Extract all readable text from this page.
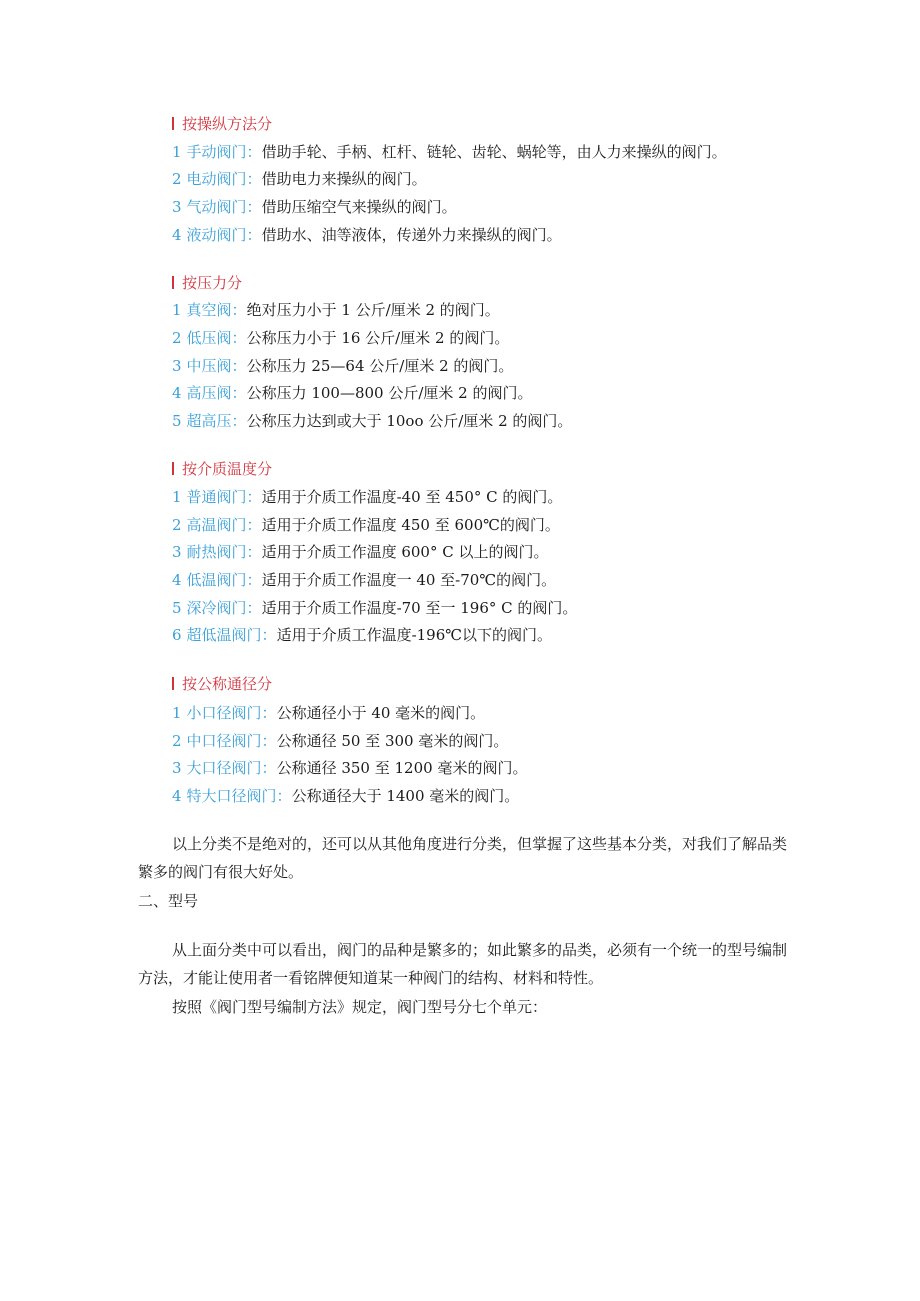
按操纵方法分
1 手动阀门：借助手轮、手柄、杠杆、链轮、齿轮、蜗轮等，由人力来操纵的阀门。
2 电动阀门：借助电力来操纵的阀门。
3 气动阀门：借助压缩空气来操纵的阀门。
4 液动阀门：借助水、油等液体，传递外力来操纵的阀门。
按压力分
1 真空阀：绝对压力小于 1 公斤/厘米 2 的阀门。
2 低压阀：公称压力小于 16 公斤/厘米 2 的阀门。
3 中压阀：公称压力 25—64 公斤/厘米 2 的阀门。
4 高压阀：公称压力 100—800 公斤/厘米 2 的阀门。
5 超高压：公称压力达到或大于 10oo 公斤/厘米 2 的阀门。
按介质温度分
1 普通阀门：适用于介质工作温度-40 至 450° C 的阀门。
2 高温阀门：适用于介质工作温度 450 至 600℃的阀门。
3 耐热阀门：适用于介质工作温度 600° C 以上的阀门。
4 低温阀门：适用于介质工作温度一 40 至-70℃的阀门。
5 深冷阀门：适用于介质工作温度-70 至一 196° C 的阀门。
6 超低温阀门：适用于介质工作温度-196℃以下的阀门。
按公称通径分
1 小口径阀门：公称通径小于 40 毫米的阀门。
2 中口径阀门：公称通径 50 至 300 毫米的阀门。
3 大口径阀门：公称通径 350 至 1200 毫米的阀门。
4 特大口径阀门：公称通径大于 1400 毫米的阀门。
以上分类不是绝对的，还可以从其他角度进行分类，但掌握了这些基本分类，对我们了解品类繁多的阀门有很大好处。
二、型号
从上面分类中可以看出，阀门的品种是繁多的；如此繁多的品类，必须有一个统一的型号编制方法，才能让使用者一看铭牌便知道某一种阀门的结构、材料和特性。
按照《阀门型号编制方法》规定，阀门型号分七个单元：
